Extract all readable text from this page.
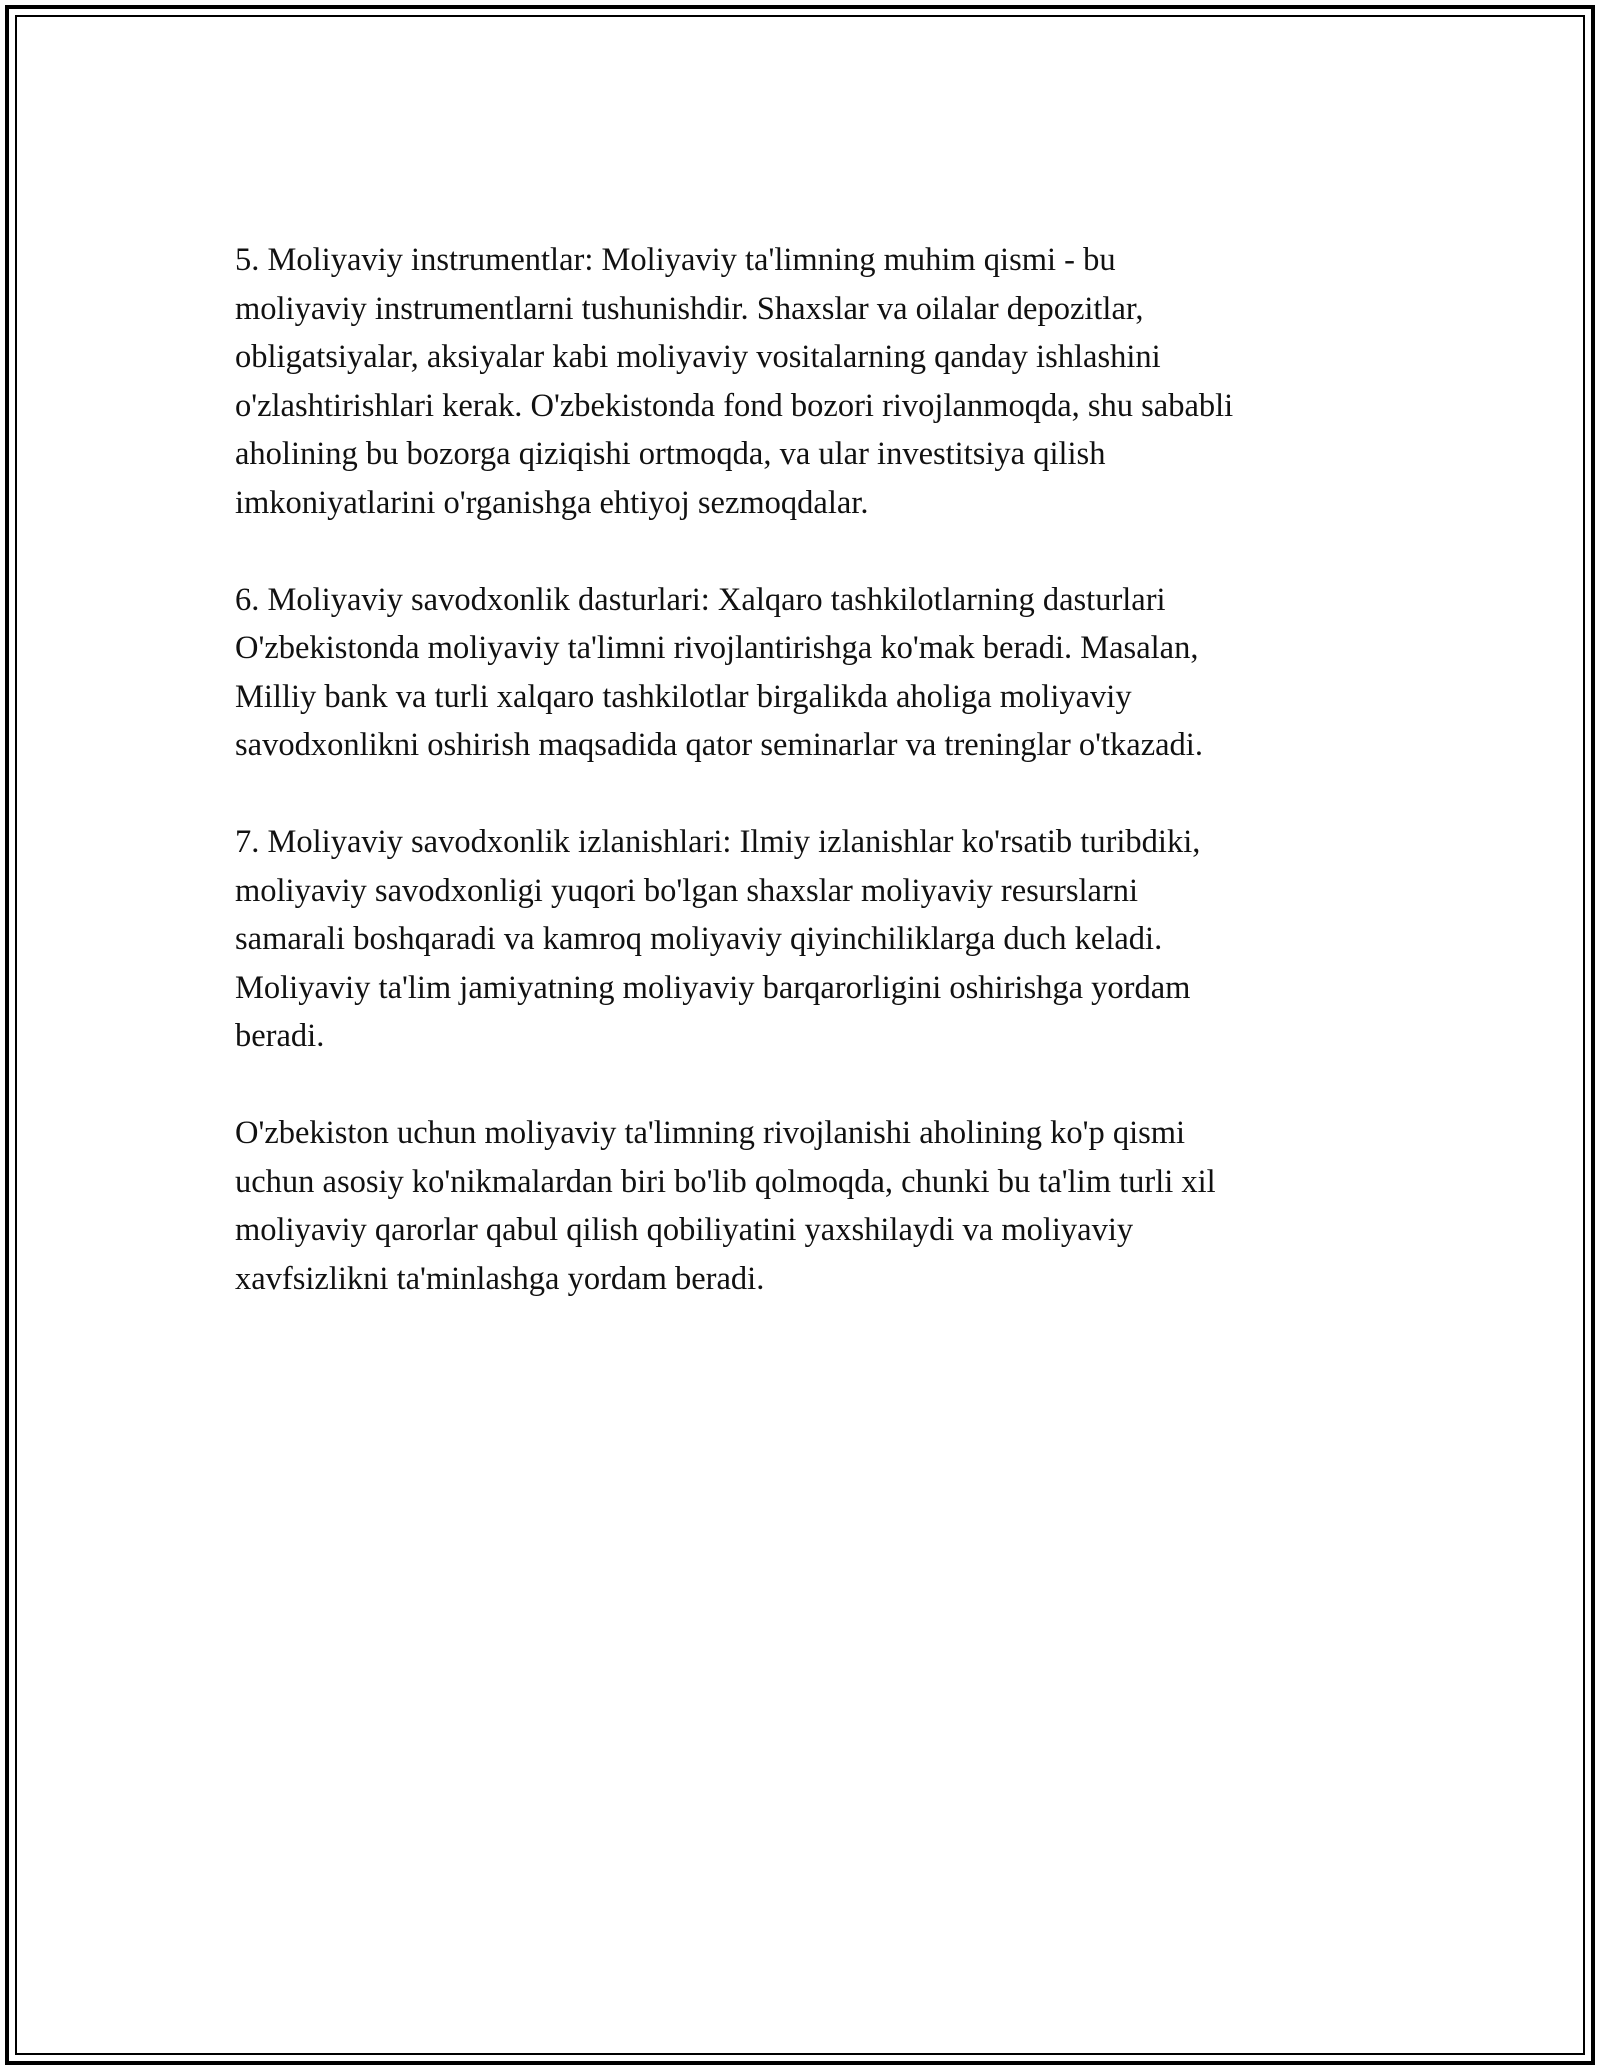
5. Moliyaviy instrumentlar: Moliyaviy ta'limning muhim qismi - bu
moliyaviy instrumentlarni tushunishdir. Shaxslar va oilalar depozitlar,
obligatsiyalar, aksiyalar kabi moliyaviy vositalarning qanday ishlashini
o'zlashtirishlari kerak. O'zbekistonda fond bozori rivojlanmoqda, shu sababli
aholining bu bozorga qiziqishi ortmoqda, va ular investitsiya qilish
imkoniyatlarini o'rganishga ehtiyoj sezmoqdalar.

6. Moliyaviy savodxonlik dasturlari: Xalqaro tashkilotlarning dasturlari
O'zbekistonda moliyaviy ta'limni rivojlantirishga ko'mak beradi. Masalan,
Milliy bank va turli xalqaro tashkilotlar birgalikda aholiga moliyaviy
savodxonlikni oshirish maqsadida qator seminarlar va treninglar o'tkazadi.

7. Moliyaviy savodxonlik izlanishlari: Ilmiy izlanishlar ko'rsatib turibdiki,
moliyaviy savodxonligi yuqori bo'lgan shaxslar moliyaviy resurslarni
samarali boshqaradi va kamroq moliyaviy qiyinchiliklarga duch keladi.
Moliyaviy ta'lim jamiyatning moliyaviy barqarorligini oshirishga yordam
beradi.

O'zbekiston uchun moliyaviy ta'limning rivojlanishi aholining ko'p qismi
uchun asosiy ko'nikmalardan biri bo'lib qolmoqda, chunki bu ta'lim turli xil
moliyaviy qarorlar qabul qilish qobiliyatini yaxshilaydi va moliyaviy
xavfsizlikni ta'minlashga yordam beradi.
